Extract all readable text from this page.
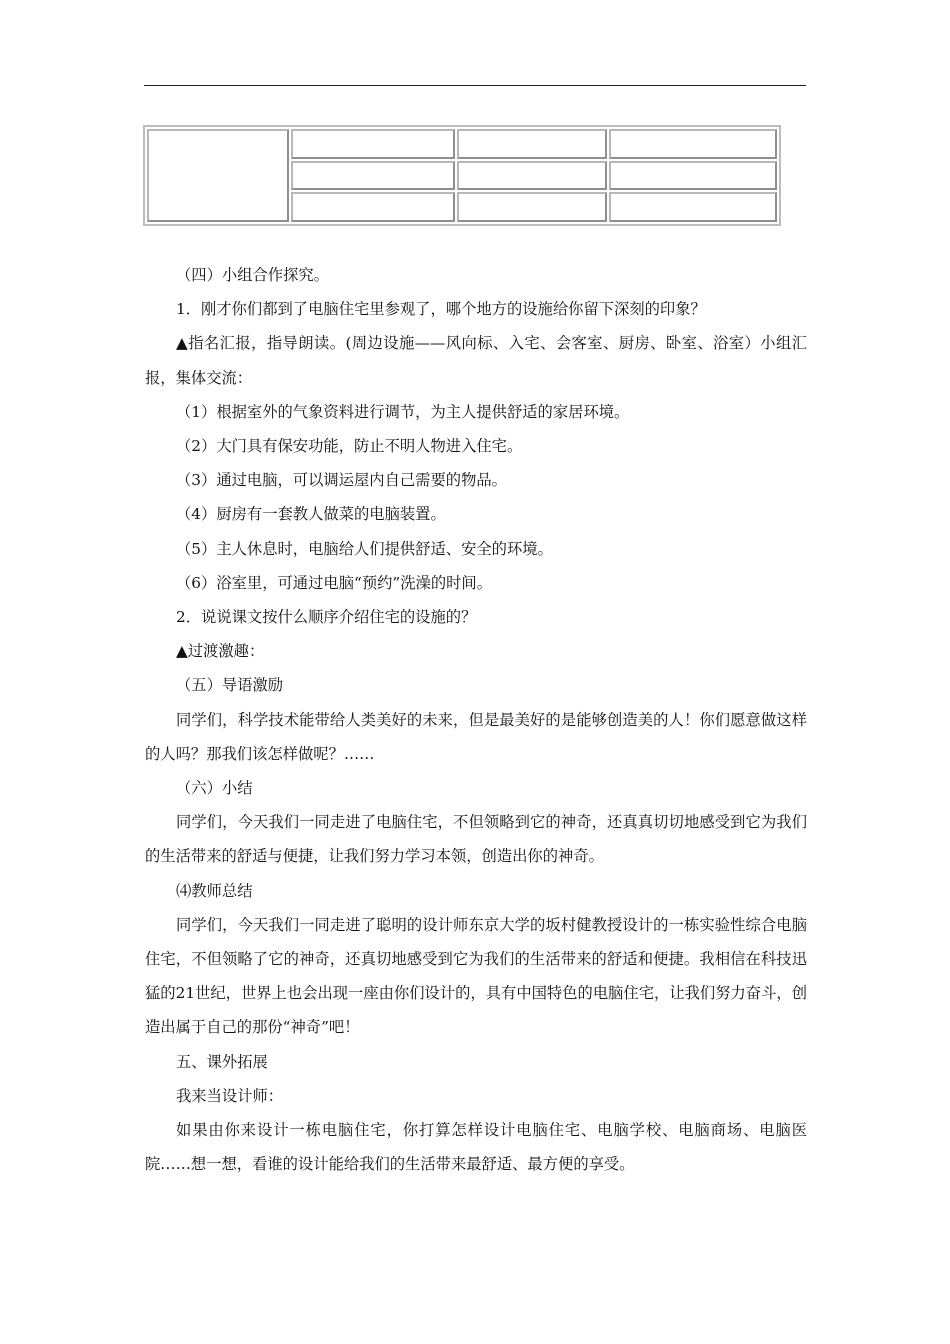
（四）小组合作探究。

1．刚才你们都到了电脑住宅里参观了，哪个地方的设施给你留下深刻的印象？

▲指名汇报，指导朗读。(周边设施——风向标、入宅、会客室、厨房、卧室、浴室）小组汇报，集体交流：

（1）根据室外的气象资料进行调节，为主人提供舒适的家居环境。

（2）大门具有保安功能，防止不明人物进入住宅。

（3）通过电脑，可以调运屋内自己需要的物品。

（4）厨房有一套教人做菜的电脑装置。

（5）主人休息时，电脑给人们提供舒适、安全的环境。

（6）浴室里，可通过电脑“预约”洗澡的时间。

2．说说课文按什么顺序介绍住宅的设施的？

▲过渡激趣：

（五）导语激励

同学们，科学技术能带给人类美好的未来，但是最美好的是能够创造美的人！你们愿意做这样的人吗？那我们该怎样做呢？……

（六）小结

同学们，今天我们一同走进了电脑住宅，不但领略到它的神奇，还真真切切地感受到它为我们的生活带来的舒适与便捷，让我们努力学习本领，创造出你的神奇。

⑷教师总结

同学们，今天我们一同走进了聪明的设计师东京大学的坂村健教授设计的一栋实验性综合电脑住宅，不但领略了它的神奇，还真切地感受到它为我们的生活带来的舒适和便捷。我相信在科技迅猛的21世纪，世界上也会出现一座由你们设计的，具有中国特色的电脑住宅，让我们努力奋斗，创造出属于自己的那份“神奇”吧！

五、课外拓展

我来当设计师：

如果由你来设计一栋电脑住宅，你打算怎样设计电脑住宅、电脑学校、电脑商场、电脑医院……想一想，看谁的设计能给我们的生活带来最舒适、最方便的享受。
